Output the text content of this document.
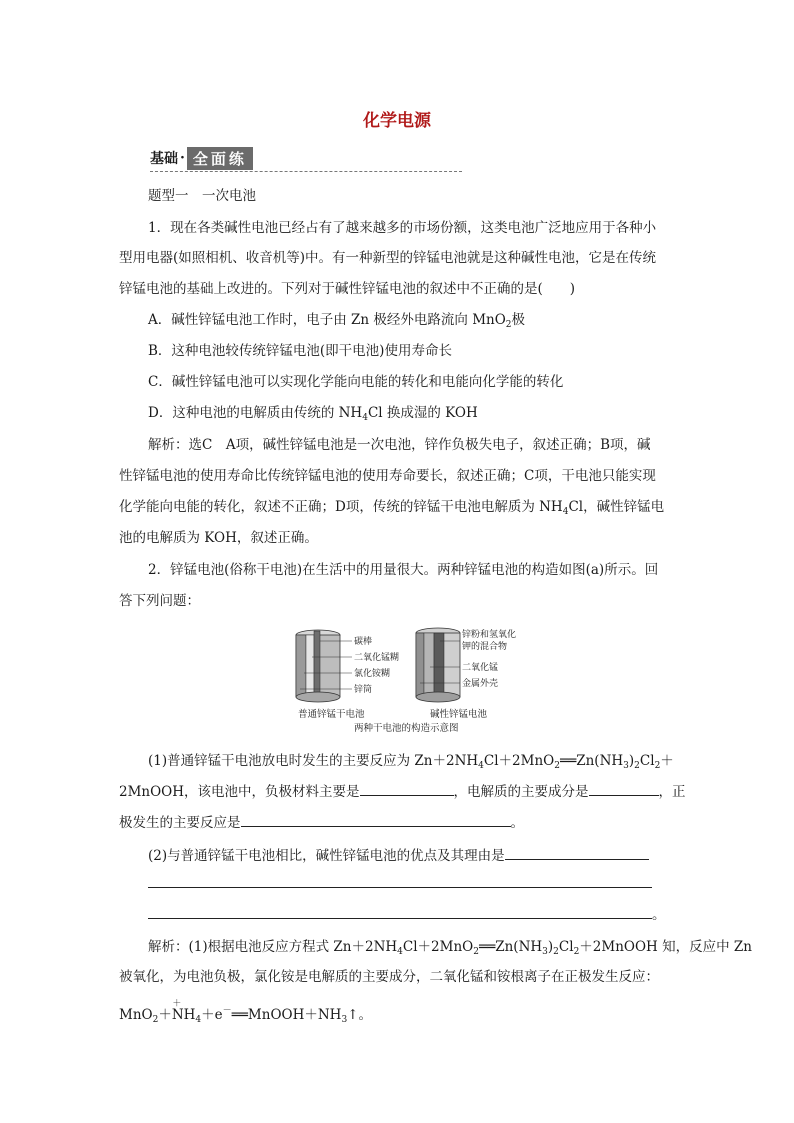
化学电源
基础 · 全面练
题型一　一次电池
1．现在各类碱性电池已经占有了越来越多的市场份额，这类电池广泛地应用于各种小
型用电器(如照相机、收音机等)中。有一种新型的锌锰电池就是这种碱性电池，它是在传统
锌锰电池的基础上改进的。下列对于碱性锌锰电池的叙述中不正确的是(　　)
A．碱性锌锰电池工作时，电子由 Zn 极经外电路流向 MnO$_2$极
B．这种电池较传统锌锰电池(即干电池)使用寿命长
C．碱性锌锰电池可以实现化学能向电能的转化和电能向化学能的转化
D．这种电池的电解质由传统的 $NH_4Cl$ 换成湿的 KOH
解析：选C　A项，碱性锌锰电池是一次电池，锌作负极失电子，叙述正确；B项，碱
性锌锰电池的使用寿命比传统锌锰电池的使用寿命要长，叙述正确；C项，干电池只能实现
化学能向电能的转化，叙述不正确；D项，传统的锌锰干电池电解质为 $NH_4Cl$，碱性锌锰电
池的电解质为 KOH，叙述正确。
2．锌锰电池(俗称干电池)在生活中的用量很大。两种锌锰电池的构造如图(a)所示。回
答下列问题：
碳棒
二氧化锰糊
氯化铵糊
锌筒
普通锌锰干电池
锌粉和氢氧化
钾的混合物
二氧化锰
金属外壳
碱性锌锰电池
两种干电池的构造示意图
(1)普通锌锰干电池放电时发生的主要反应为 $Zn+2NH_4Cl+2MnO_2══Zn(NH_3)_2Cl_2+$
2MnOOH，该电池中，负极材料主要是	，电解质的主要成分是	，正
极发生的主要反应是	。
(2)与普通锌锰干电池相比，碱性锌锰电池的优点及其理由是
。
解析：(1)根据电池反应方程式 $Zn+2NH_4Cl+2MnO_2══Zn(NH_3)_2Cl_2+2MnOOH$ 知，反应中 Zn
被氧化，为电池负极，氯化铵是电解质的主要成分，二氧化锰和铵根离子在正极发生反应：
MnO$_2$＋NH
＋
$_4+e^-══MnOOH+NH_3↑$。
